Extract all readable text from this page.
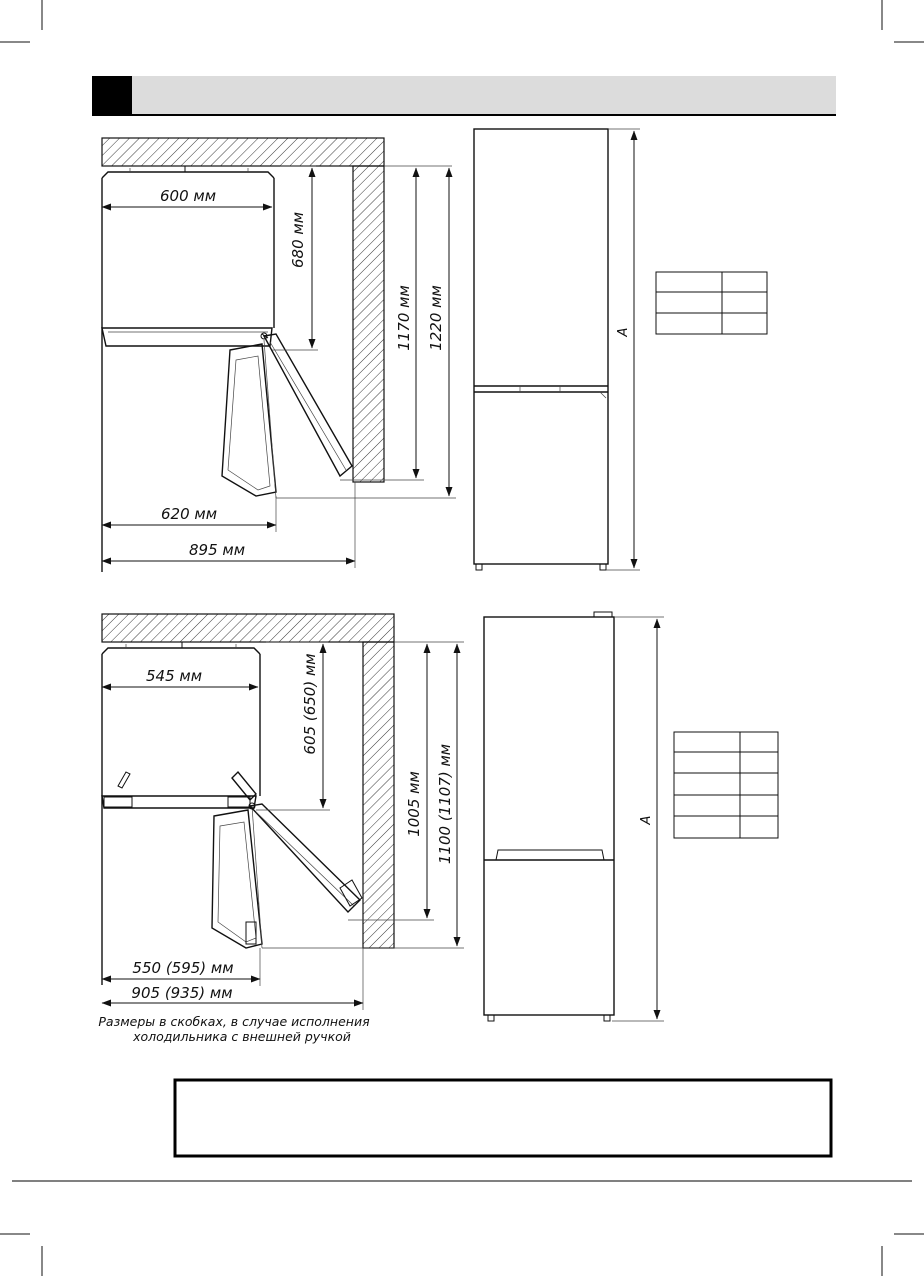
600 мм
680 мм
1170 мм 1220 мм
620 мм
895 мм
A
545 мм	605 (650) мм
1005 мм 1100 (1107) мм
550 (595) мм
905 (935) мм
Размеры в скобках, в случае исполнения
холодильника с внешней ручкой
A
